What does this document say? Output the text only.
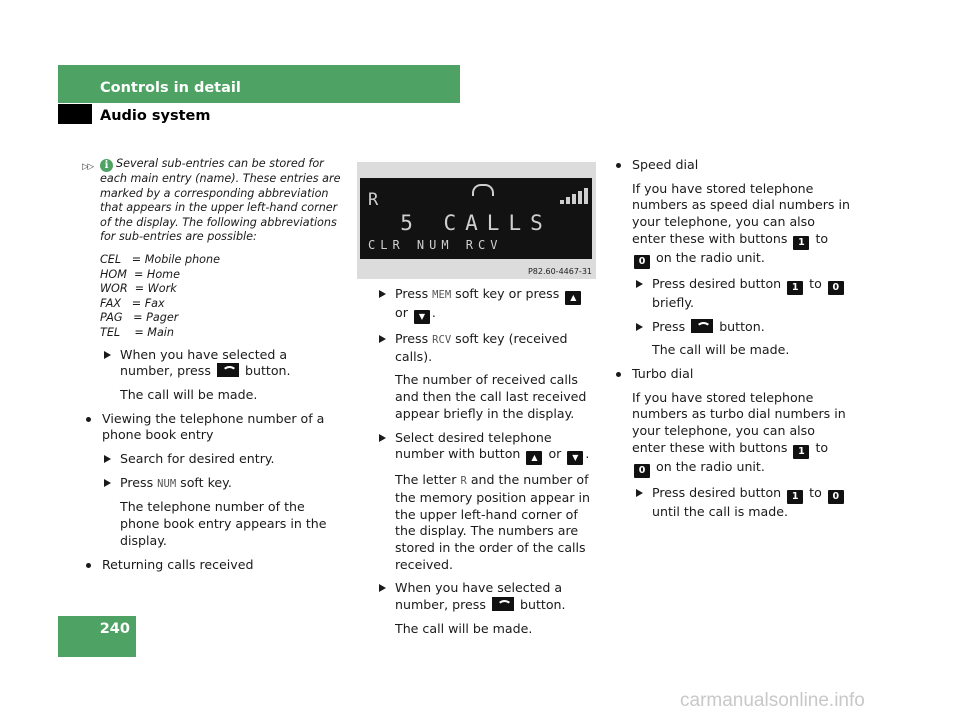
Controls in detail
Audio system
▷▷ i Several sub-entries can be stored for each main entry (name). These entries are marked by a corresponding abbreviation that appears in the upper left-hand corner of the display. The following abbreviations for sub-entries are possible:
CEL   = Mobile phone
HOM  = Home
WOR  = Work
FAX   = Fax
PAG   = Pager
TEL    = Main
When you have selected a number, press	button.
The call will be made.
Viewing the telephone number of a phone book entry
Search for desired entry.
Press NUM soft key.
The telephone number of the phone book entry appears in the display.
Returning calls received
R
5 CALLS
CLR NUM RCV
P82.60-4467-31
Press MEM soft key or press ▲
or ▼ .
Press RCV soft key (received calls).
The number of received calls and then the call last received appear briefly in the display.
Select desired telephone number with button ▲ or ▼ .
The letter R and the number of the memory position appear in the upper left-hand corner of the display. The numbers are stored in the order of the calls received.
When you have selected a number, press	button.
The call will be made.
Speed dial
If you have stored telephone numbers as speed dial numbers in your telephone, you can also enter these with buttons 1 to 0 on the radio unit.
Press desired button 1 to 0
briefly.
Press	button.
The call will be made.
Turbo dial
If you have stored telephone numbers as turbo dial numbers in your telephone, you can also enter these with buttons 1 to 0 on the radio unit.
Press desired button 1 to 0
until the call is made.
240
carmanualsonline.info
